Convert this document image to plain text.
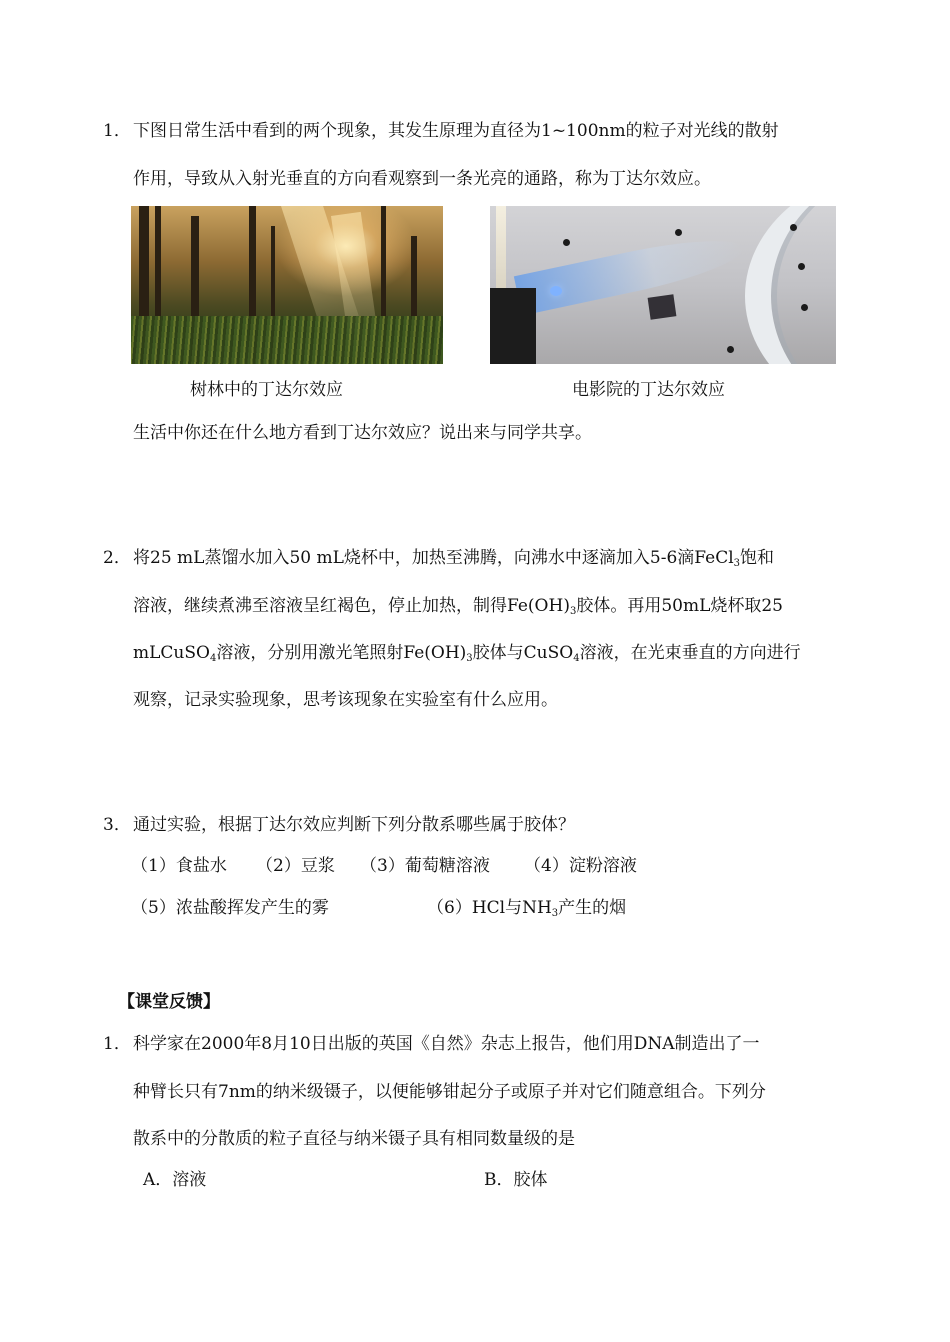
1． 下图日常生活中看到的两个现象，其发生原理为直径为1~100nm的粒子对光线的散射
作用，导致从入射光垂直的方向看观察到一条光亮的通路，称为丁达尔效应。
树林中的丁达尔效应	电影院的丁达尔效应
生活中你还在什么地方看到丁达尔效应？说出来与同学共享。
2． 将25 mL蒸馏水加入50 mL烧杯中，加热至沸腾，向沸水中逐滴加入5-6滴FeCl$_3$饱和
溶液，继续煮沸至溶液呈红褐色，停止加热，制得$Fe(OH)_3$胶体。再用50mL烧杯取25
mLCuSO$_4$溶液，分别用激光笔照射$Fe(OH)_3$胶体与CuSO$_4$溶液，在光束垂直的方向进行
观察，记录实验现象，思考该现象在实验室有什么应用。
3． 通过实验，根据丁达尔效应判断下列分散系哪些属于胶体？
（1）食盐水 （2）豆浆 （3）葡萄糖溶液 （4）淀粉溶液
（5）浓盐酸挥发产生的雾	（6）HCl与$NH_3$产生的烟
【课堂反馈】
1． 科学家在2000年8月10日出版的英国《自然》杂志上报告，他们用DNA制造出了一
种臂长只有7nm的纳米级镊子，以便能够钳起分子或原子并对它们随意组合。下列分
散系中的分散质的粒子直径与纳米镊子具有相同数量级的是
A．溶液	B．胶体
